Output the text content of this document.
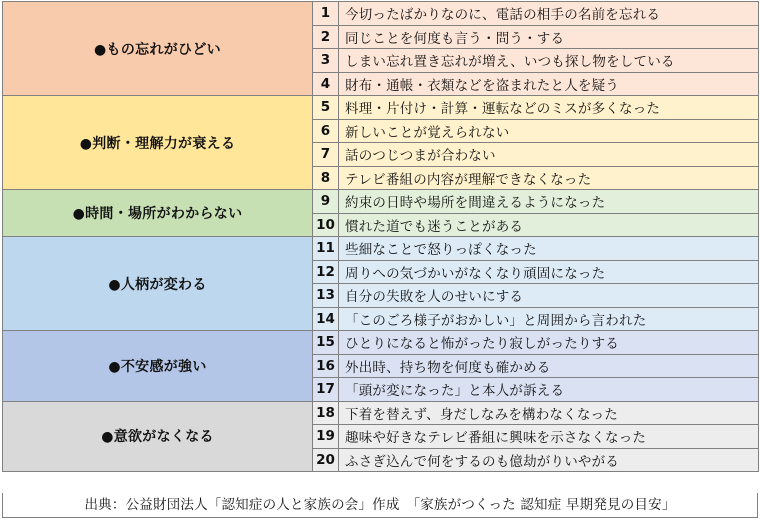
●もの忘れがひどい	1	今切ったばかりなのに、電話の相手の名前を忘れる
	2	同じことを何度も言う・問う・する
	3	しまい忘れ置き忘れが増え、いつも探し物をしている
	4	財布・通帳・衣類などを盗まれたと人を疑う
●判断・理解力が衰える	5	料理・片付け・計算・運転などのミスが多くなった
	6	新しいことが覚えられない
	7	話のつじつまが合わない
	8	テレビ番組の内容が理解できなくなった
●時間・場所がわからない	9	約束の日時や場所を間違えるようになった
	10	慣れた道でも迷うことがある
●人柄が変わる	11	些細なことで怒りっぽくなった
	12	周りへの気づかいがなくなり頑固になった
	13	自分の失敗を人のせいにする
	14	「このごろ様子がおかしい」と周囲から言われた
●不安感が強い	15	ひとりになると怖がったり寂しがったりする
	16	外出時、持ち物を何度も確かめる
	17	「頭が変になった」と本人が訴える
●意欲がなくなる	18	下着を替えず、身だしなみを構わなくなった
	19	趣味や好きなテレビ番組に興味を示さなくなった
	20	ふさぎ込んで何をするのも億劫がりいやがる
出典：公益財団法人「認知症の人と家族の会」作成　「家族がつくった 認知症 早期発見の目安」
